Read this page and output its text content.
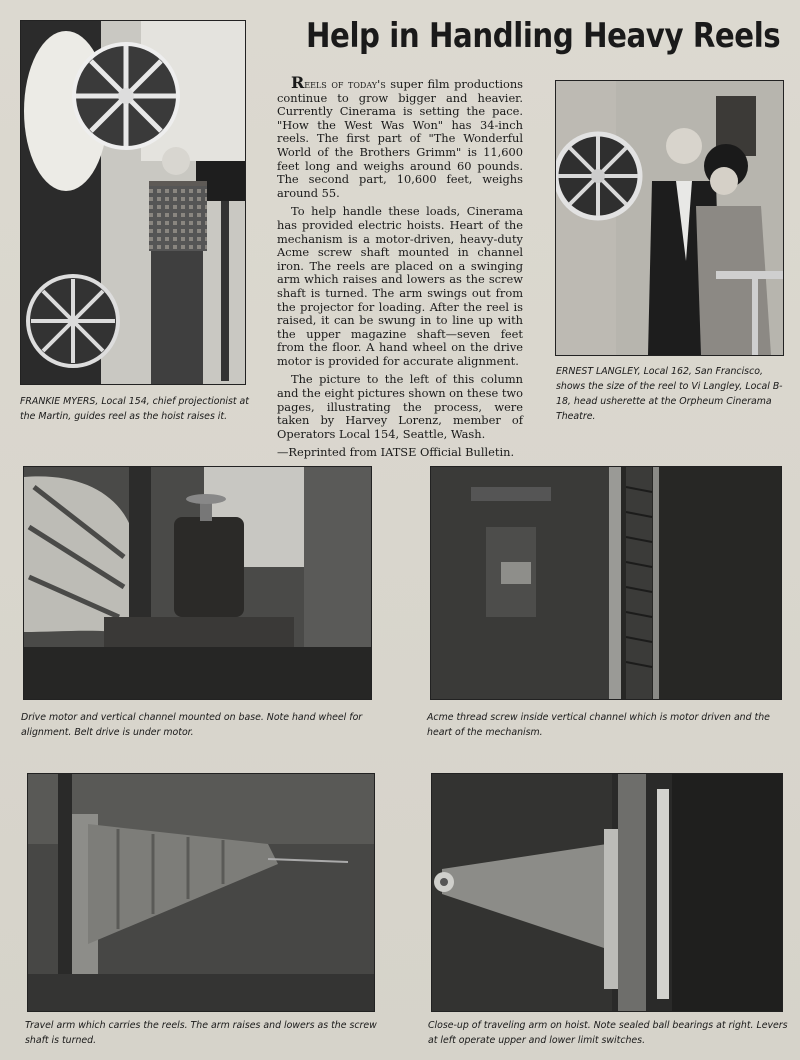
FRANKIE MYERS, Local 154, chief projectionist at the Martin, guides reel as the hoist raises it.
Help in Handling Heavy Reels

Reels of today's super film productions continue to grow bigger and heavier. Currently Cinerama is setting the pace. "How the West Was Won" has 34-inch reels. The first part of "The Wonderful World of the Brothers Grimm" is 11,600 feet long and weighs around 60 pounds. The second part, 10,600 feet, weighs around 55.

To help handle these loads, Cinerama has provided electric hoists. Heart of the mechanism is a motor-driven, heavy-duty Acme screw shaft mounted in channel iron. The reels are placed on a swinging arm which raises and lowers as the screw shaft is turned. The arm swings out from the projector for loading. After the reel is raised, it can be swung in to line up with the upper magazine shaft—seven feet from the floor. A hand wheel on the drive motor is provided for accurate alignment.

The picture to the left of this column and the eight pictures shown on these two pages, illustrating the process, were taken by Harvey Lorenz, member of Operators Local 154, Seattle, Wash.

—Reprinted from IATSE Official Bulletin.

ERNEST LANGLEY, Local 162, San Francisco, shows the size of the reel to Vi Langley, Local B-18, head usherette at the Orpheum Cinerama Theatre.
Drive motor and vertical channel mounted on base. Note hand wheel for alignment. Belt drive is under motor.
Acme thread screw inside vertical channel which is motor driven and the heart of the mechanism.
Travel arm which carries the reels. The arm raises and lowers as the screw shaft is turned.
Close-up of traveling arm on hoist. Note sealed ball bearings at right. Levers at left operate upper and lower limit switches.
